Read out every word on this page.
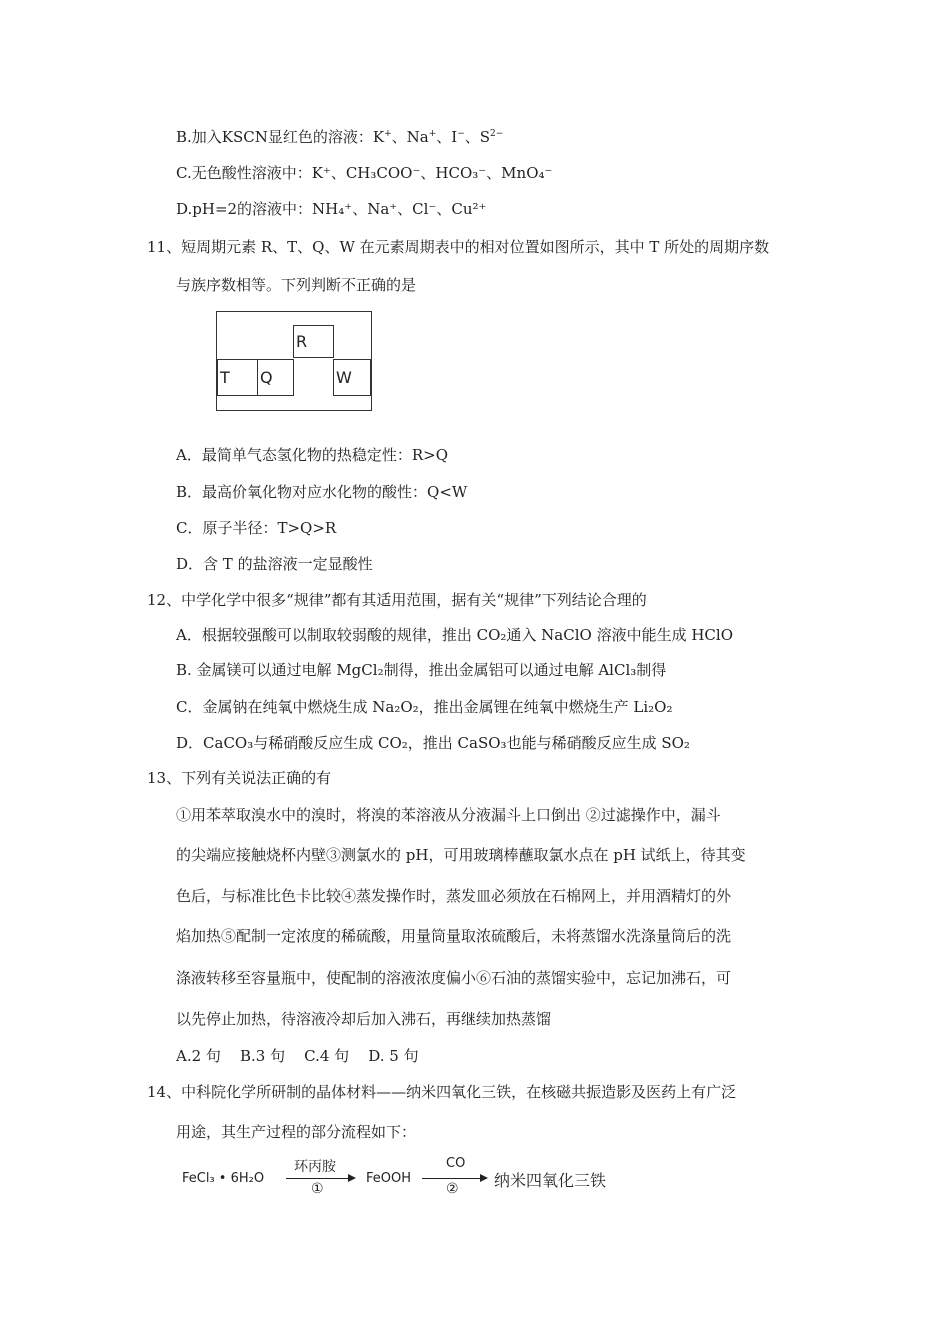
B.加入KSCN显红色的溶液：K+、Na+、I−、$S^{2-}$
C.无色酸性溶液中：K⁺、CH₃COO⁻、HCO₃⁻、MnO₄⁻
D.pH=2的溶液中：NH₄⁺、Na⁺、Cl⁻、Cu²⁺
11、短周期元素 R、T、Q、W 在元素周期表中的相对位置如图所示，其中 T 所处的周期序数
与族序数相等。下列判断不正确的是
R
T Q	W
A．最简单气态氢化物的热稳定性：R>Q
B．最高价氧化物对应水化物的酸性：Q<W
C．原子半径：T>Q>R
D．含 T 的盐溶液一定显酸性
12、中学化学中很多“规律”都有其适用范围，据有关“规律”下列结论合理的
A．根据较强酸可以制取较弱酸的规律，推出 CO₂通入 NaClO 溶液中能生成 HClO
B. 金属镁可以通过电解 MgCl₂制得，推出金属铝可以通过电解 AlCl₃制得
C．金属钠在纯氧中燃烧生成 Na₂O₂，推出金属锂在纯氧中燃烧生产 Li₂O₂
D．CaCO₃与稀硝酸反应生成 CO₂，推出 CaSO₃也能与稀硝酸反应生成 SO₂
13、下列有关说法正确的有
①用苯萃取溴水中的溴时，将溴的苯溶液从分液漏斗上口倒出 ②过滤操作中，漏斗
的尖端应接触烧杯内壁③测氯水的 pH，可用玻璃棒蘸取氯水点在 pH 试纸上，待其变
色后，与标准比色卡比较④蒸发操作时，蒸发皿必须放在石棉网上，并用酒精灯的外
焰加热⑤配制一定浓度的稀硫酸，用量筒量取浓硫酸后，未将蒸馏水洗涤量筒后的洗
涤液转移至容量瓶中，使配制的溶液浓度偏小⑥石油的蒸馏实验中，忘记加沸石，可
以先停止加热，待溶液冷却后加入沸石，再继续加热蒸馏
A.2 句    B.3 句    C.4 句    D. 5 句
14、中科院化学所研制的晶体材料——纳米四氧化三铁，在核磁共振造影及医药上有广泛
用途，其生产过程的部分流程如下：
FeCl₃ • 6H₂O
环丙胺
①
FeOOH
CO
② 纳米四氧化三铁
